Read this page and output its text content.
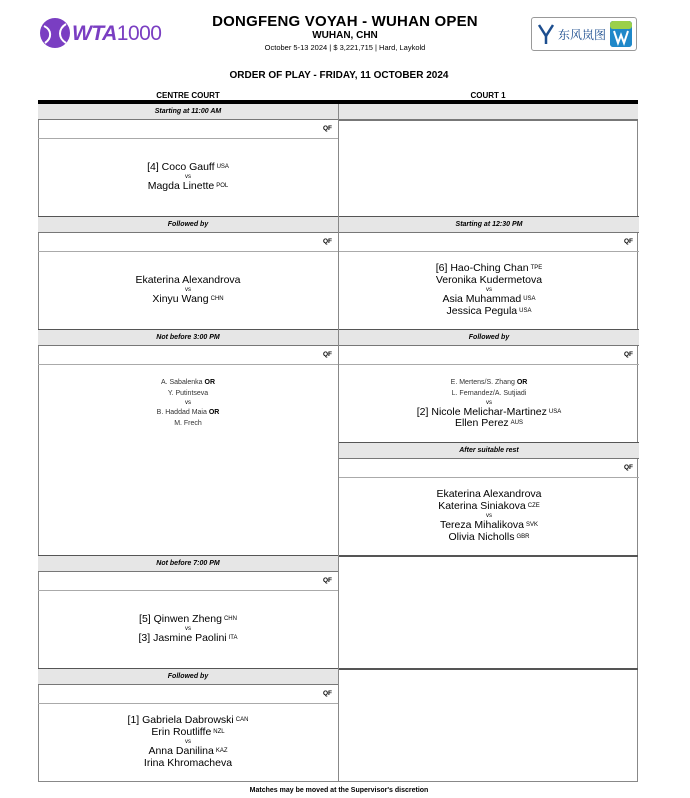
WTA1000
DONGFENG VOYAH - WUHAN OPEN
WUHAN, CHN
October 5-13 2024 | $ 3,221,715 | Hard, Laykold
东风岚图
ORDER OF PLAY - FRIDAY, 11 OCTOBER 2024
CENTRE COURT	COURT 1
Starting at 11:00 AM
QF
[4] Coco Gauff USA
vs
Magda Linette POL
Followed by
QF
Ekaterina Alexandrova
vs
Xinyu Wang CHN
Not before 3:00 PM
QF
A. Sabalenka OR
Y. Putintseva
vs
B. Haddad Maia OR
M. Frech
Not before 7:00 PM
QF
[5] Qinwen Zheng CHN
vs
[3] Jasmine Paolini ITA
Followed by
QF
[1] Gabriela Dabrowski CAN
Erin Routliffe NZL
vs
Anna Danilina KAZ
Irina Khromacheva
Starting at 12:30 PM
QF
[6] Hao-Ching Chan TPE
Veronika Kudermetova
vs
Asia Muhammad USA
Jessica Pegula USA
Followed by
QF
E. Mertens/S. Zhang OR
L. Fernandez/A. Sutjiadi
vs
[2] Nicole Melichar-Martinez USA
Ellen Perez AUS
After suitable rest
QF
Ekaterina Alexandrova
Katerina Siniakova CZE
vs
Tereza Mihalikova SVK
Olivia Nicholls GBR
Matches may be moved at the Supervisor's discretion
